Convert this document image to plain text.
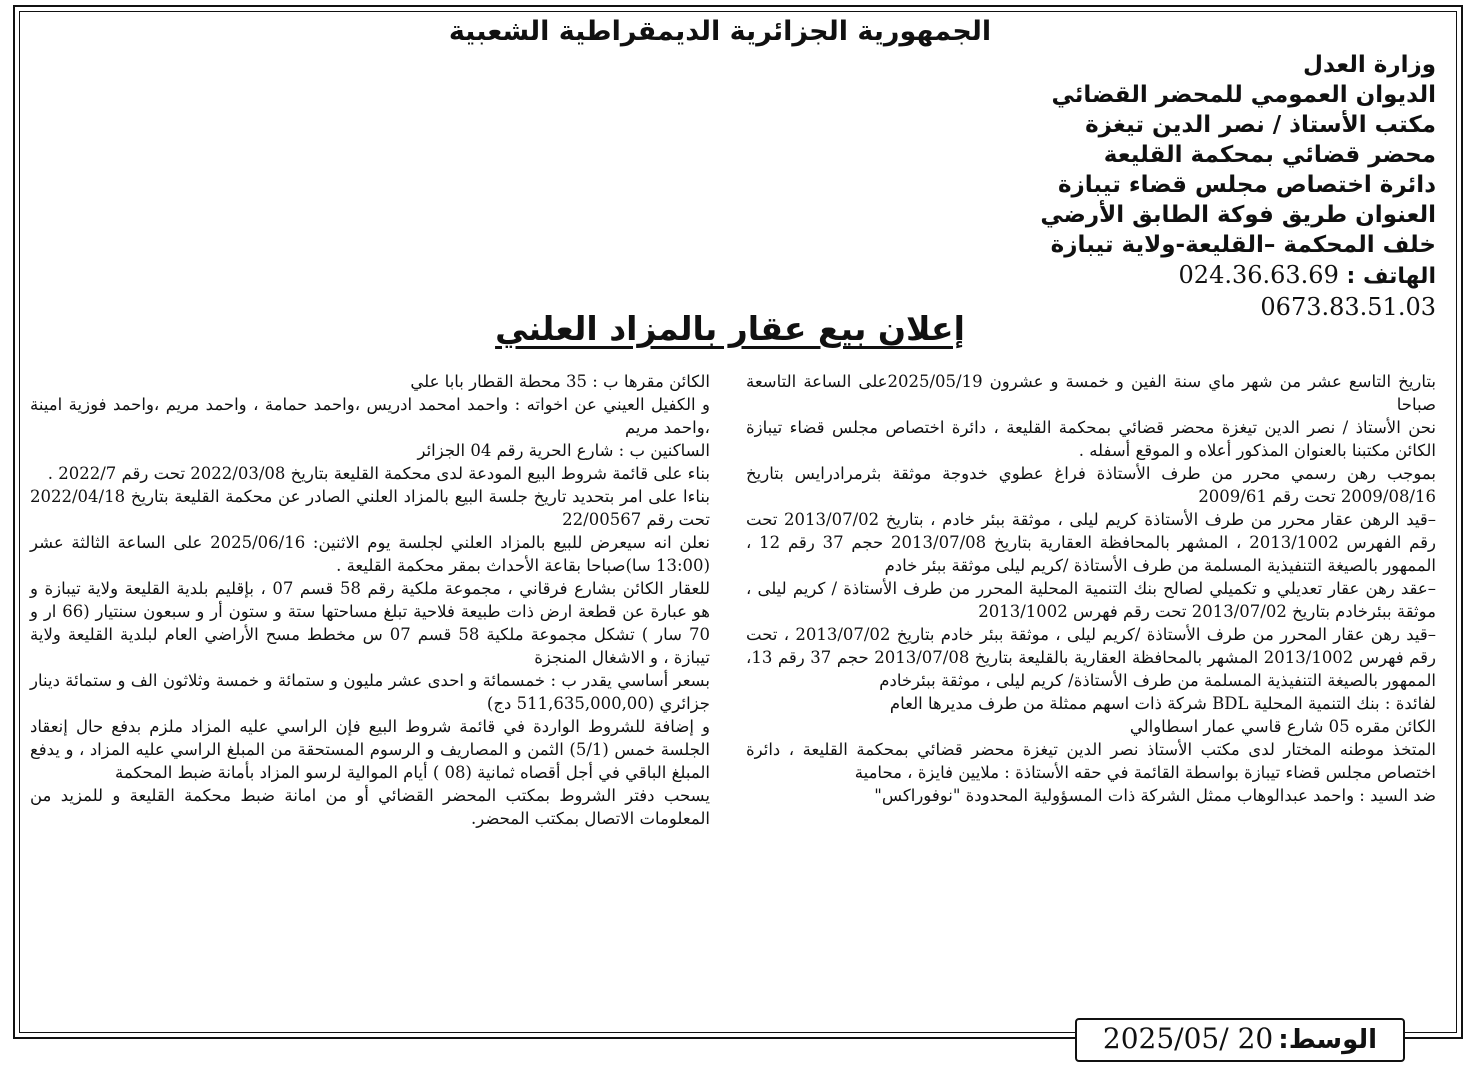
الجمهورية الجزائرية الديمقراطية الشعبية
وزارة العدل
الديوان العمومي للمحضر القضائي
مكتب الأستاذ / نصر الدين تيغزة
محضر قضائي بمحكمة القليعة
دائرة اختصاص مجلس قضاء تيبازة
العنوان طريق فوكة الطابق الأرضي
خلف المحكمة –القليعة-ولاية تيبازة
الهاتف : 024.36.63.69
0673.83.51.03
إعلان بيع عقار بالمزاد العلني

بتاريخ التاسع عشر من شهر ماي سنة الفين و خمسة و عشرون 2025/05/19على الساعة التاسعة صباحا

نحن الأستاذ / نصر الدين تيغزة محضر قضائي بمحكمة القليعة ، دائرة اختصاص مجلس قضاء تيبازة الكائن مكتبنا بالعنوان المذكور أعلاه و الموقع أسفله .

بموجب رهن رسمي محرر من طرف الأستاذة فراغ عطوي خدوجة موثقة بثرمرادرايس بتاريخ 2009/08/16 تحت رقم 2009/61

–قيد الرهن عقار محرر من طرف الأستاذة كريم ليلى ، موثقة ببئر خادم ، بتاريخ 2013/07/02 تحت رقم الفهرس 2013/1002 ، المشهر بالمحافظة العقارية بتاريخ 2013/07/08 حجم 37 رقم 12 ، الممهور بالصيغة التنفيذية المسلمة من طرف الأستاذة /كريم ليلى موثقة ببئر خادم

–عقد رهن عقار تعديلي و تكميلي لصالح بنك التنمية المحلية المحرر من طرف الأستاذة / كريم ليلى ، موثقة ببئرخادم بتاريخ 2013/07/02 تحت رقم فهرس 2013/1002

–قيد رهن عقار المحرر من طرف الأستاذة /كريم ليلى ، موثقة ببئر خادم بتاريخ 2013/07/02 ، تحت رقم فهرس 2013/1002 المشهر بالمحافظة العقارية بالقليعة بتاريخ 2013/07/08 حجم 37 رقم 13، الممهور بالصيغة التنفيذية المسلمة من طرف الأستاذة/ كريم ليلى ، موثقة ببئرخادم

لفائدة : بنك التنمية المحلية BDL شركة ذات اسهم ممثلة من طرف مديرها العام

الكائن مقره 05 شارع قاسي عمار اسطاوالي

المتخذ موطنه المختار لدى مكتب الأستاذ نصر الدين تيغزة محضر قضائي بمحكمة القليعة ، دائرة اختصاص مجلس قضاء تيبازة بواسطة القائمة في حقه الأستاذة : ملايين فايزة ، محامية

ضد السيد : واحمد عبدالوهاب ممثل الشركة ذات المسؤولية المحدودة "نوفوراكس"

الكائن مقرها ب : 35 محطة القطار بابا علي

و الكفيل العيني عن اخواته : واحمد امحمد ادريس ،واحمد حمامة ، واحمد مريم ،واحمد فوزية امينة ،واحمد مريم

الساكنين ب : شارع الحرية رقم 04 الجزائر

بناء على قائمة شروط البيع المودعة لدى محكمة القليعة بتاريخ 2022/03/08 تحت رقم 2022/7 .

بناءا على امر بتحديد تاريخ جلسة البيع بالمزاد العلني الصادر عن محكمة القليعة بتاريخ 2022/04/18 تحت رقم 22/00567

نعلن انه سيعرض للبيع بالمزاد العلني لجلسة يوم الاثنين: 2025/06/16 على الساعة الثالثة عشر (13:00 سا)صباحا بقاعة الأحداث بمقر محكمة القليعة .

للعقار الكائن بشارع فرقاني ، مجموعة ملكية رقم 58 قسم 07 ، بإقليم بلدية القليعة ولاية تيبازة و هو عبارة عن قطعة ارض ذات طبيعة فلاحية تبلغ مساحتها ستة و ستون أر و سبعون سنتيار (66 ار و 70 سار ) تشكل مجموعة ملكية 58 قسم 07 س مخطط مسح الأراضي العام لبلدية القليعة ولاية تيبازة ، و الاشغال المنجزة

بسعر أساسي يقدر ب : خمسمائة و احدى عشر مليون و ستمائة و خمسة وثلاثون الف و ستمائة دينار جزائري (511,635,000,00 دج)

و إضافة للشروط الواردة في قائمة شروط البيع فإن الراسي عليه المزاد ملزم بدفع حال إنعقاد الجلسة خمس (5/1) الثمن و المصاريف و الرسوم المستحقة من المبلغ الراسي عليه المزاد ، و يدفع المبلغ الباقي في أجل أقصاه ثمانية (08 ) أيام الموالية لرسو المزاد بأمانة ضبط المحكمة

يسحب دفتر الشروط بمكتب المحضر القضائي أو من امانة ضبط محكمة القليعة و للمزيد من المعلومات الاتصال بمكتب المحضر.

الوسط: 20 /2025/05
